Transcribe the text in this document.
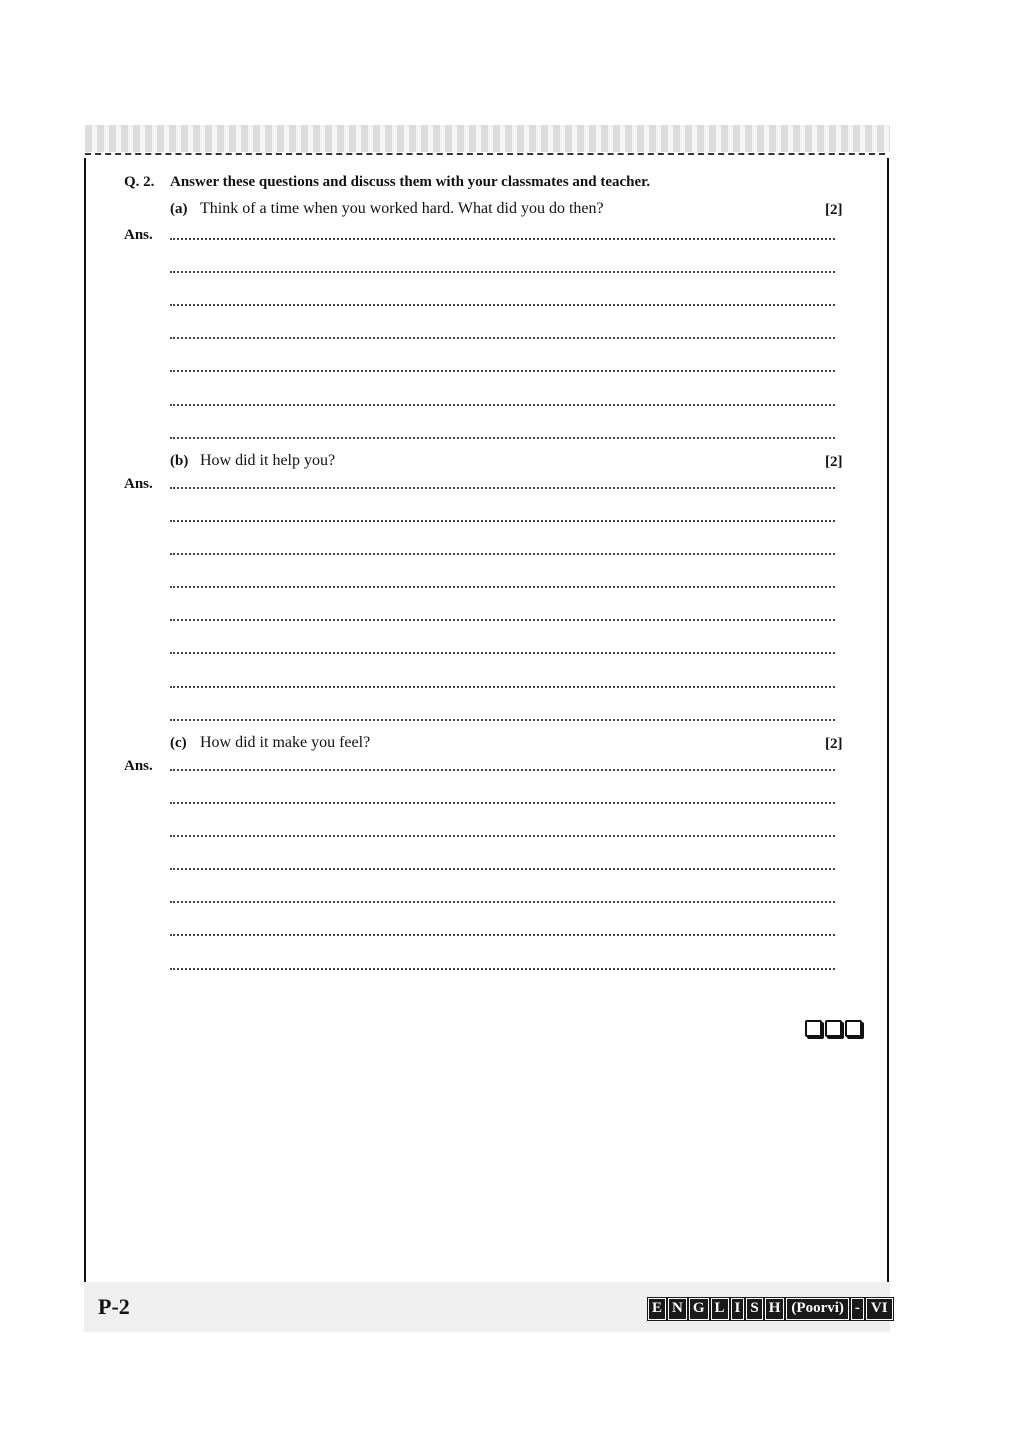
Q. 2. Answer these questions and discuss them with your classmates and teacher.
(a) Think of a time when you worked hard. What did you do then?	[2]
Ans.
(b) How did it help you?	[2]
Ans.
(c) How did it make you feel?	[2]
Ans.
P-2	E N G L I S H (Poorvi) - VI
